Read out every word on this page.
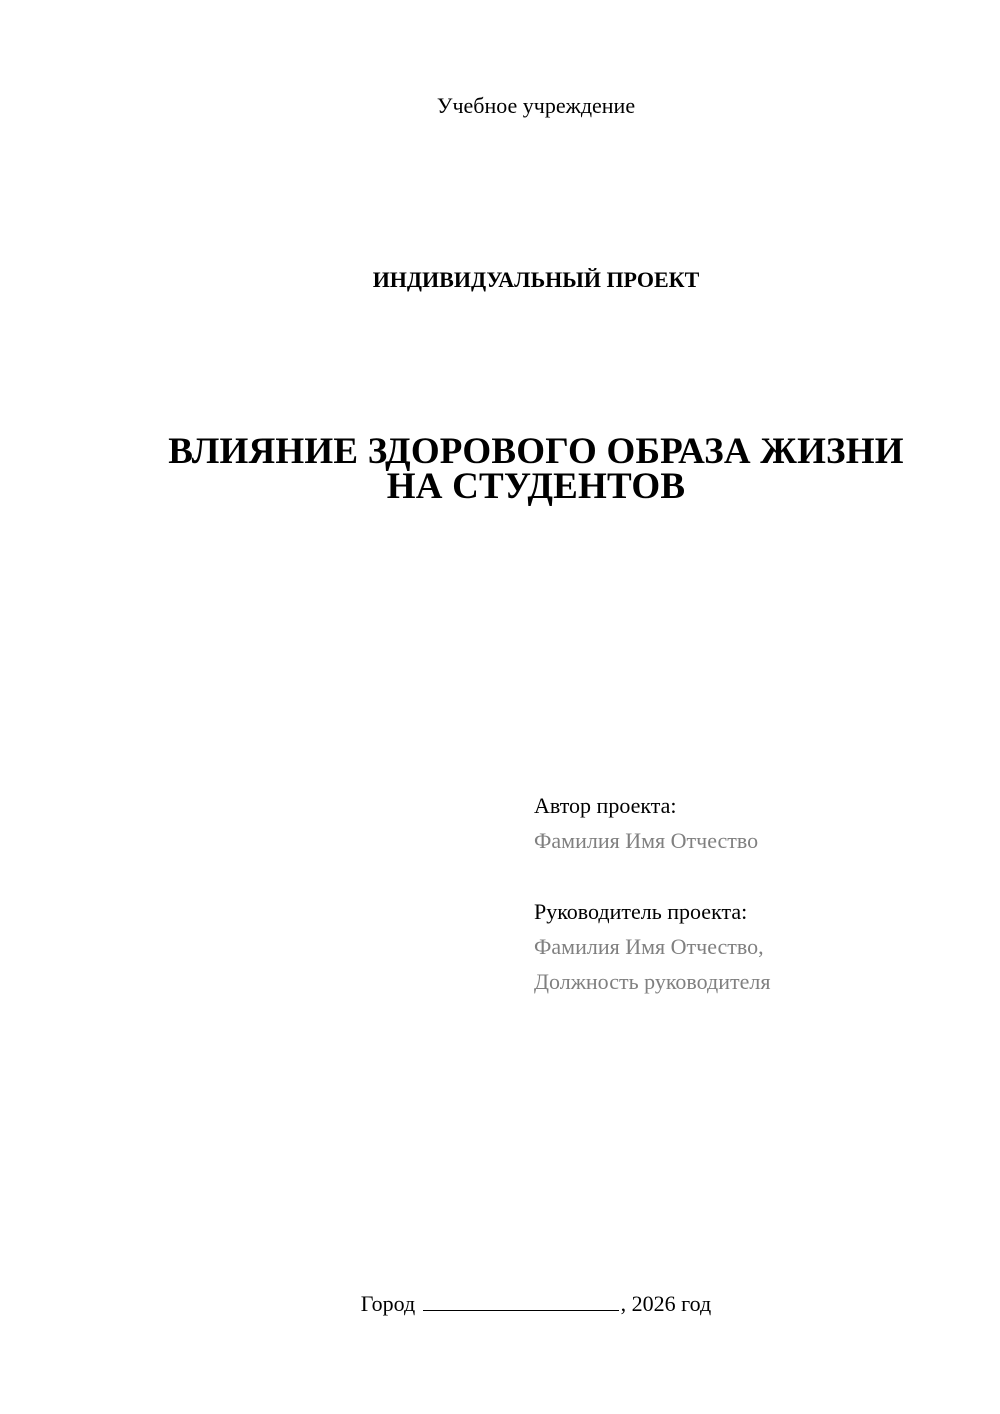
Учебное учреждение
ИНДИВИДУАЛЬНЫЙ ПРОЕКТ
ВЛИЯНИЕ ЗДОРОВОГО ОБРАЗА ЖИЗНИ
НА СТУДЕНТОВ
Автор проекта:
Фамилия Имя Отчество
Руководитель проекта:
Фамилия Имя Отчество,
Должность руководителя
Город	, 2026 год
